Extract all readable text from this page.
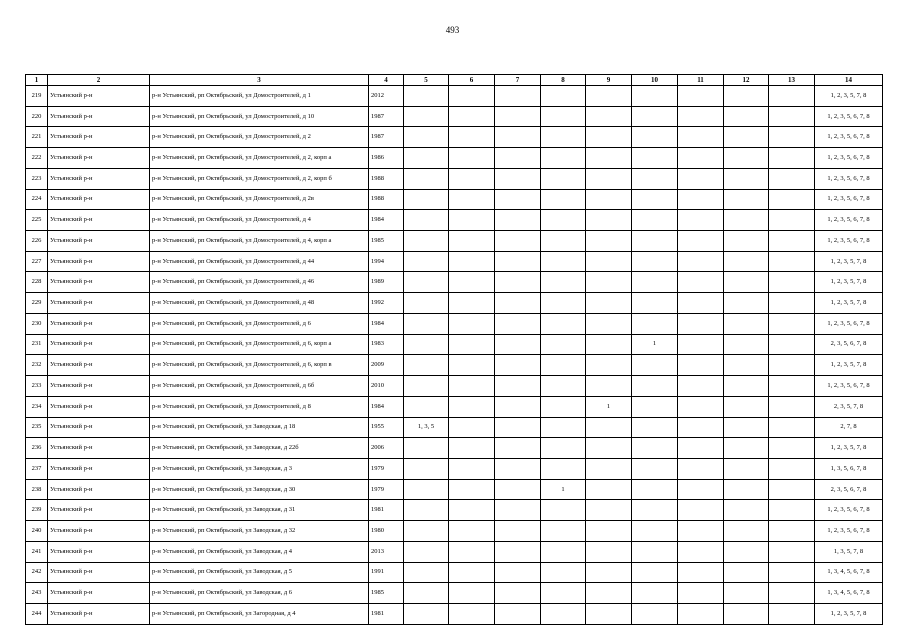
493
1	2	3	4	5	6	7	8	9	10	11	12	13	14
219	Устьянский р-н	р-н Устьянский, рп Октябрьский, ул Домостроителей, д 1	2012										1, 2, 3, 5, 7, 8
220	Устьянский р-н	р-н Устьянский, рп Октябрьский, ул Домостроителей, д 10	1987										1, 2, 3, 5, 6, 7, 8
221	Устьянский р-н	р-н Устьянский, рп Октябрьский, ул Домостроителей, д 2	1987										1, 2, 3, 5, 6, 7, 8
222	Устьянский р-н	р-н Устьянский, рп Октябрьский, ул Домостроителей, д 2, корп а	1986										1, 2, 3, 5, 6, 7, 8
223	Устьянский р-н	р-н Устьянский, рп Октябрьский, ул Домостроителей, д 2, корп б	1988										1, 2, 3, 5, 6, 7, 8
224	Устьянский р-н	р-н Устьянский, рп Октябрьский, ул Домостроителей, д 2в	1988										1, 2, 3, 5, 6, 7, 8
225	Устьянский р-н	р-н Устьянский, рп Октябрьский, ул Домостроителей, д 4	1984										1, 2, 3, 5, 6, 7, 8
226	Устьянский р-н	р-н Устьянский, рп Октябрьский, ул Домостроителей, д 4, корп а	1985										1, 2, 3, 5, 6, 7, 8
227	Устьянский р-н	р-н Устьянский, рп Октябрьский, ул Домостроителей, д 44	1994										1, 2, 3, 5, 7, 8
228	Устьянский р-н	р-н Устьянский, рп Октябрьский, ул Домостроителей, д 46	1989										1, 2, 3, 5, 7, 8
229	Устьянский р-н	р-н Устьянский, рп Октябрьский, ул Домостроителей, д 48	1992										1, 2, 3, 5, 7, 8
230	Устьянский р-н	р-н Устьянский, рп Октябрьский, ул Домостроителей, д 6	1984										1, 2, 3, 5, 6, 7, 8
231	Устьянский р-н	р-н Устьянский, рп Октябрьский, ул Домостроителей, д 6, корп а	1983						1				2, 3, 5, 6, 7, 8
232	Устьянский р-н	р-н Устьянский, рп Октябрьский, ул Домостроителей, д 6, корп в	2009										1, 2, 3, 5, 7, 8
233	Устьянский р-н	р-н Устьянский, рп Октябрьский, ул Домостроителей, д 6б	2010										1, 2, 3, 5, 6, 7, 8
234	Устьянский р-н	р-н Устьянский, рп Октябрьский, ул Домостроителей, д 8	1984					1					2, 3, 5, 7, 8
235	Устьянский р-н	р-н Устьянский, рп Октябрьский, ул Заводская, д 18	1955	1, 3, 5									2, 7, 8
236	Устьянский р-н	р-н Устьянский, рп Октябрьский, ул Заводская, д 22б	2006										1, 2, 3, 5, 7, 8
237	Устьянский р-н	р-н Устьянский, рп Октябрьский, ул Заводская, д 3	1979										1, 3, 5, 6, 7, 8
238	Устьянский р-н	р-н Устьянский, рп Октябрьский, ул Заводская, д 30	1979				1						2, 3, 5, 6, 7, 8
239	Устьянский р-н	р-н Устьянский, рп Октябрьский, ул Заводская, д 31	1981										1, 2, 3, 5, 6, 7, 8
240	Устьянский р-н	р-н Устьянский, рп Октябрьский, ул Заводская, д 32	1980										1, 2, 3, 5, 6, 7, 8
241	Устьянский р-н	р-н Устьянский, рп Октябрьский, ул Заводская, д 4	2013										1, 3, 5, 7, 8
242	Устьянский р-н	р-н Устьянский, рп Октябрьский, ул Заводская, д 5	1991										1, 3, 4, 5, 6, 7, 8
243	Устьянский р-н	р-н Устьянский, рп Октябрьский, ул Заводская, д 6	1985										1, 3, 4, 5, 6, 7, 8
244	Устьянский р-н	р-н Устьянский, рп Октябрьский, ул Загородная, д 4	1981										1, 2, 3, 5, 7, 8
